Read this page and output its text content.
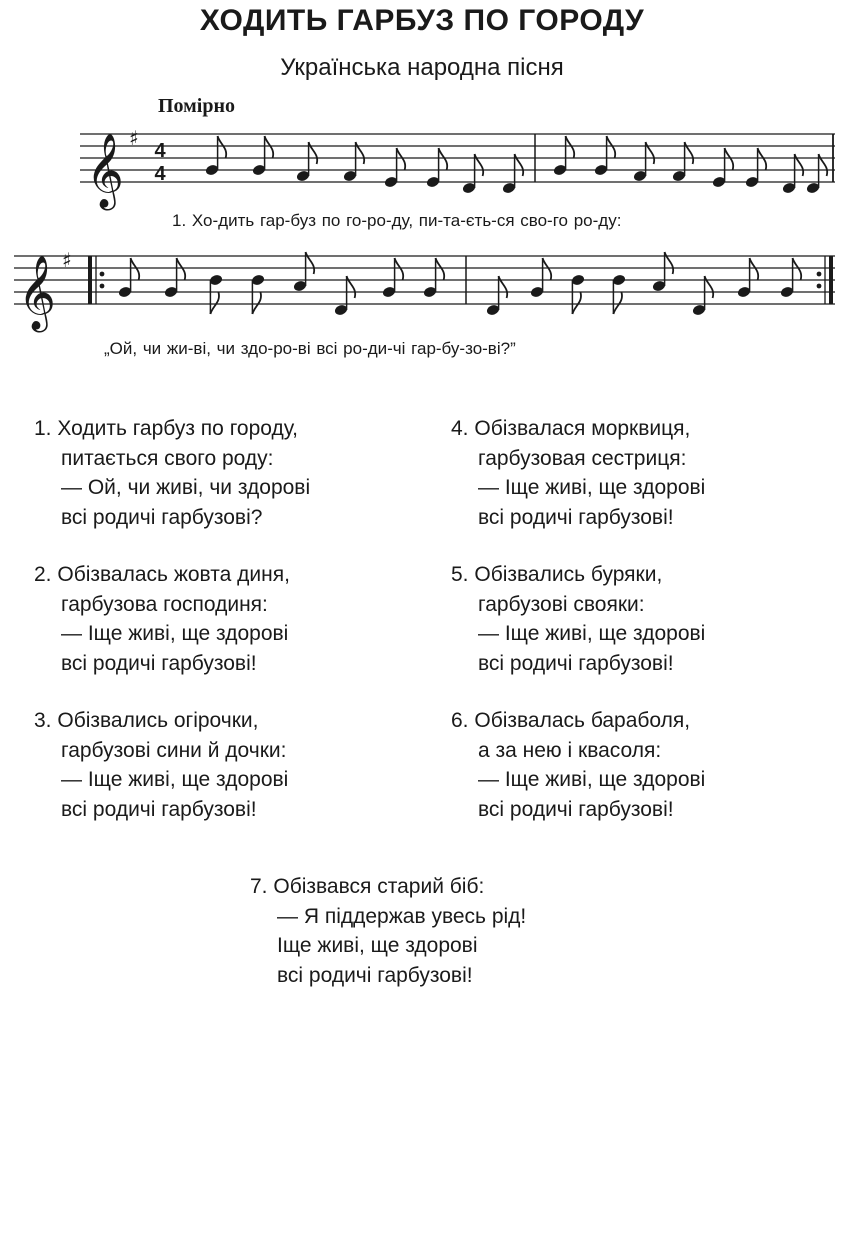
ХОДИТЬ ГАРБУЗ ПО ГОРОДУ
Українська народна пісня
Помірно
𝄞 ♯
4
4
1. Хо-дить гар-буз по го-ро-ду, пи-та-єть-ся сво-го ро-ду:
𝄞 ♯
„Ой, чи жи-ві, чи здо-ро-ві всі ро-ди-чі гар-бу-зо-ві?”
1. Ходить гарбуз по городу,
питається свого роду:
— Ой, чи живі, чи здорові
всі родичі гарбузові?
2. Обізвалась жовта диня,
гарбузова господиня:
— Іще живі, ще здорові
всі родичі гарбузові!
3. Обізвались огірочки,
гарбузові сини й дочки:
— Іще живі, ще здорові
всі родичі гарбузові!
4. Обізвалася морквиця,
гарбузовая сестриця:
— Іще живі, ще здорові
всі родичі гарбузові!
5. Обізвались буряки,
гарбузові свояки:
— Іще живі, ще здорові
всі родичі гарбузові!
6. Обізвалась бараболя,
а за нею і квасоля:
— Іще живі, ще здорові
всі родичі гарбузові!
7. Обізвався старий біб:
— Я піддержав увесь рід!
Іще живі, ще здорові
всі родичі гарбузові!
